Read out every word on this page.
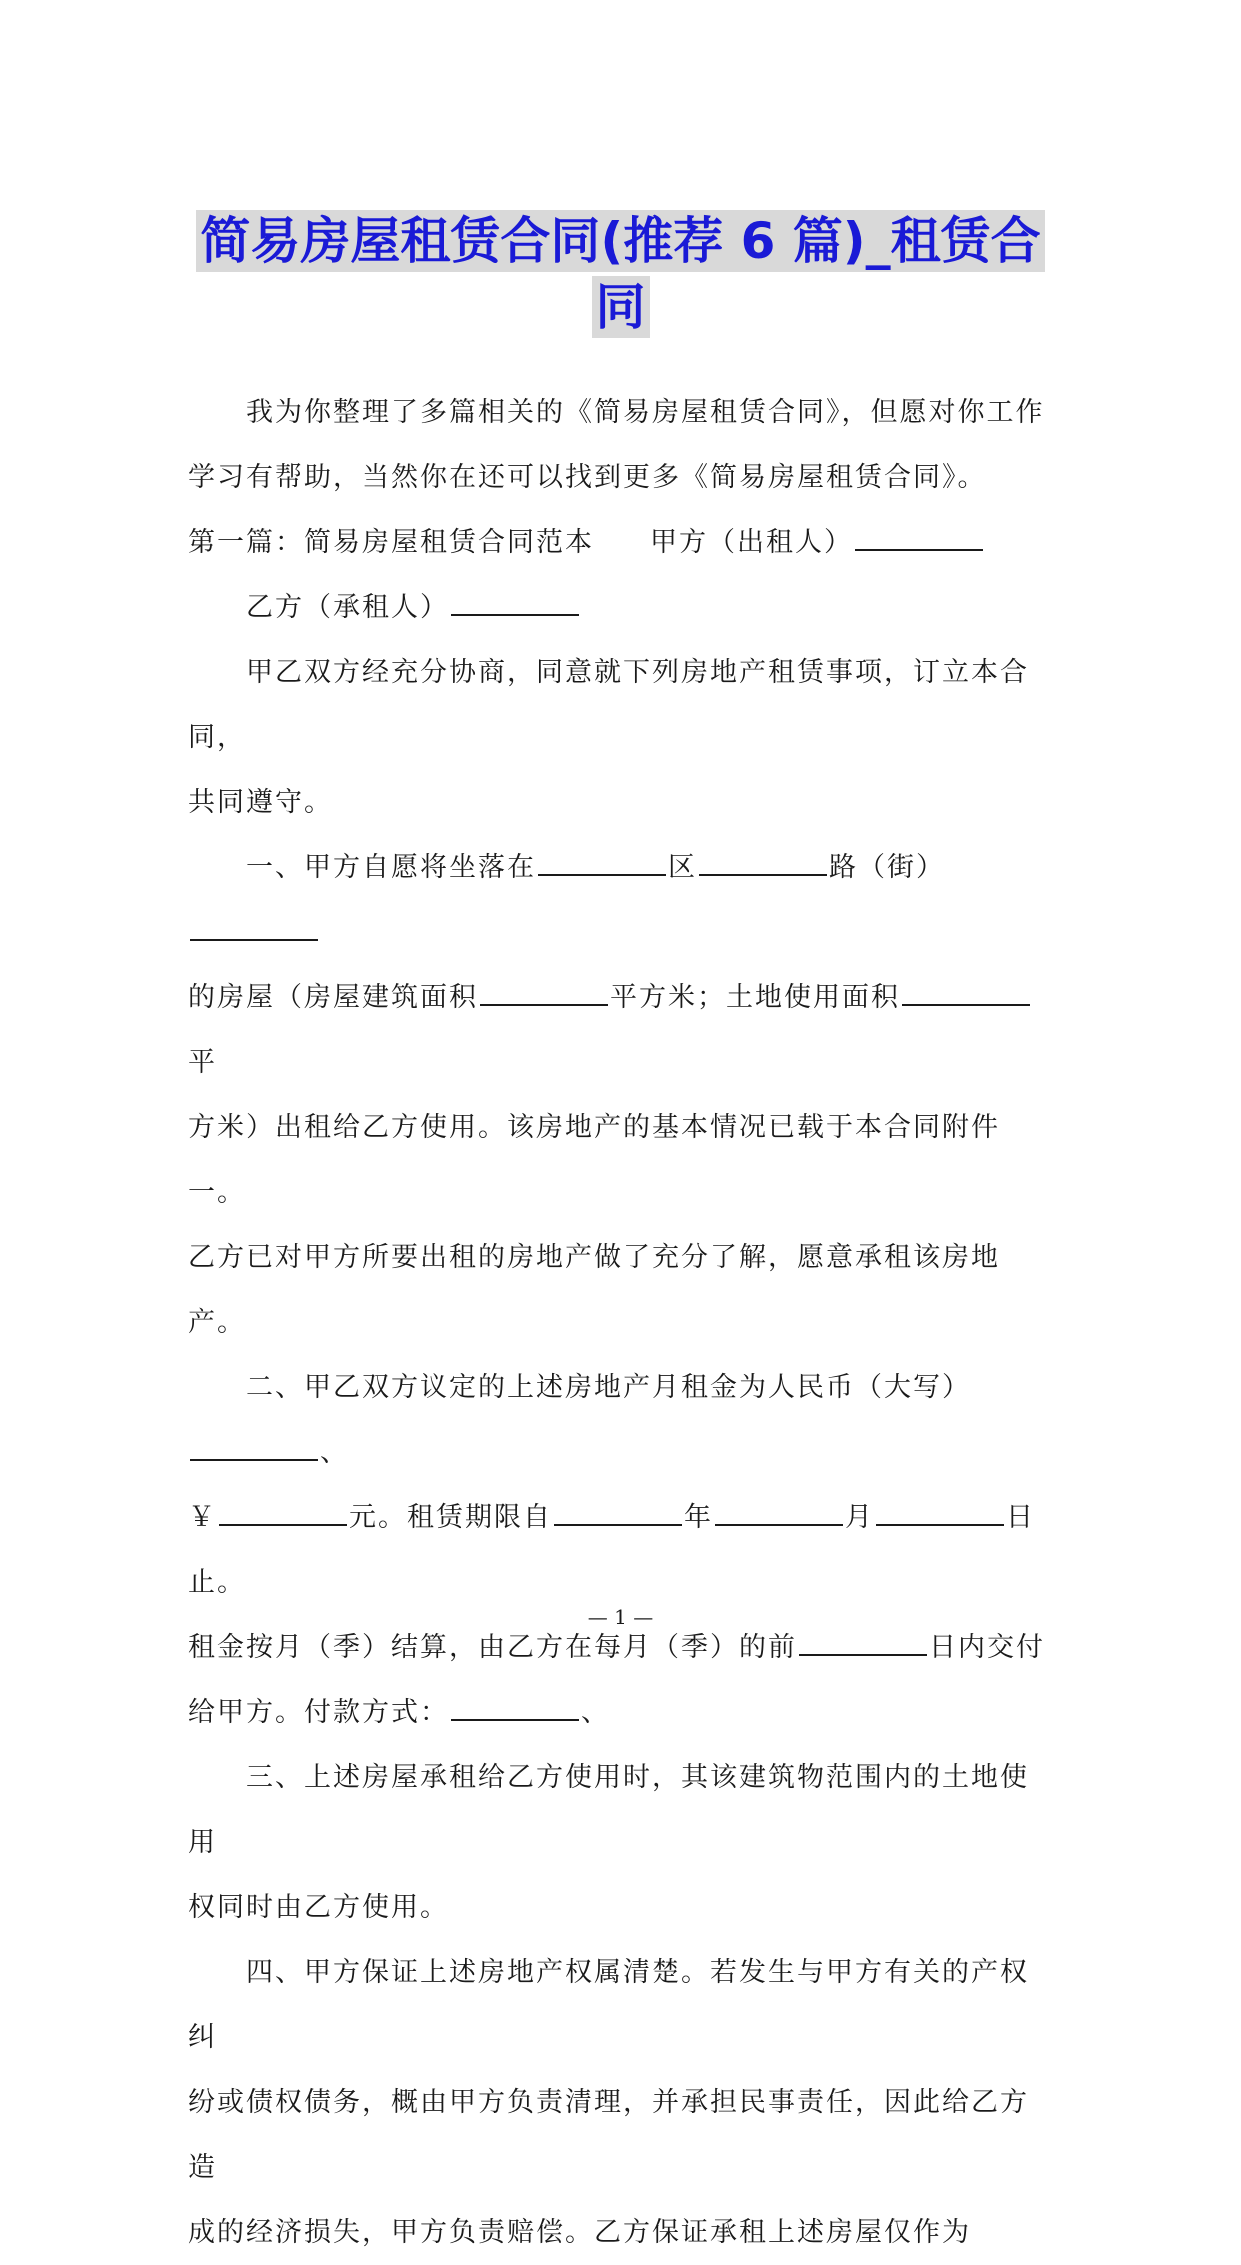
简易房屋租赁合同(推荐 6 篇)_租赁合
同

我为你整理了多篇相关的《简易房屋租赁合同》，但愿对你工作

学习有帮助，当然你在还可以找到更多《简易房屋租赁合同》。

第一篇：简易房屋租赁合同范本 甲方（出租人）

乙方（承租人）

甲乙双方经充分协商，同意就下列房地产租赁事项，订立本合同，

共同遵守。

一、甲方自愿将坐落在	区	路（街）

的房屋（房屋建筑面积	平方米；土地使用面积平

方米）出租给乙方使用。该房地产的基本情况已载于本合同附件一。

乙方已对甲方所要出租的房地产做了充分了解，愿意承租该房地产。

二、甲乙双方议定的上述房地产月租金为人民币（大写）、

￥	元。租赁期限自	年	月	日止。

租金按月（季）结算，由乙方在每月（季）的前	日内交付

给甲方。付款方式：	、

三、上述房屋承租给乙方使用时，其该建筑物范围内的土地使用

权同时由乙方使用。

四、甲方保证上述房地产权属清楚。若发生与甲方有关的产权纠

纷或债权债务，概由甲方负责清理，并承担民事责任，因此给乙方造

成的经济损失，甲方负责赔偿。乙方保证承租上述房屋仅作为

— 1 —
